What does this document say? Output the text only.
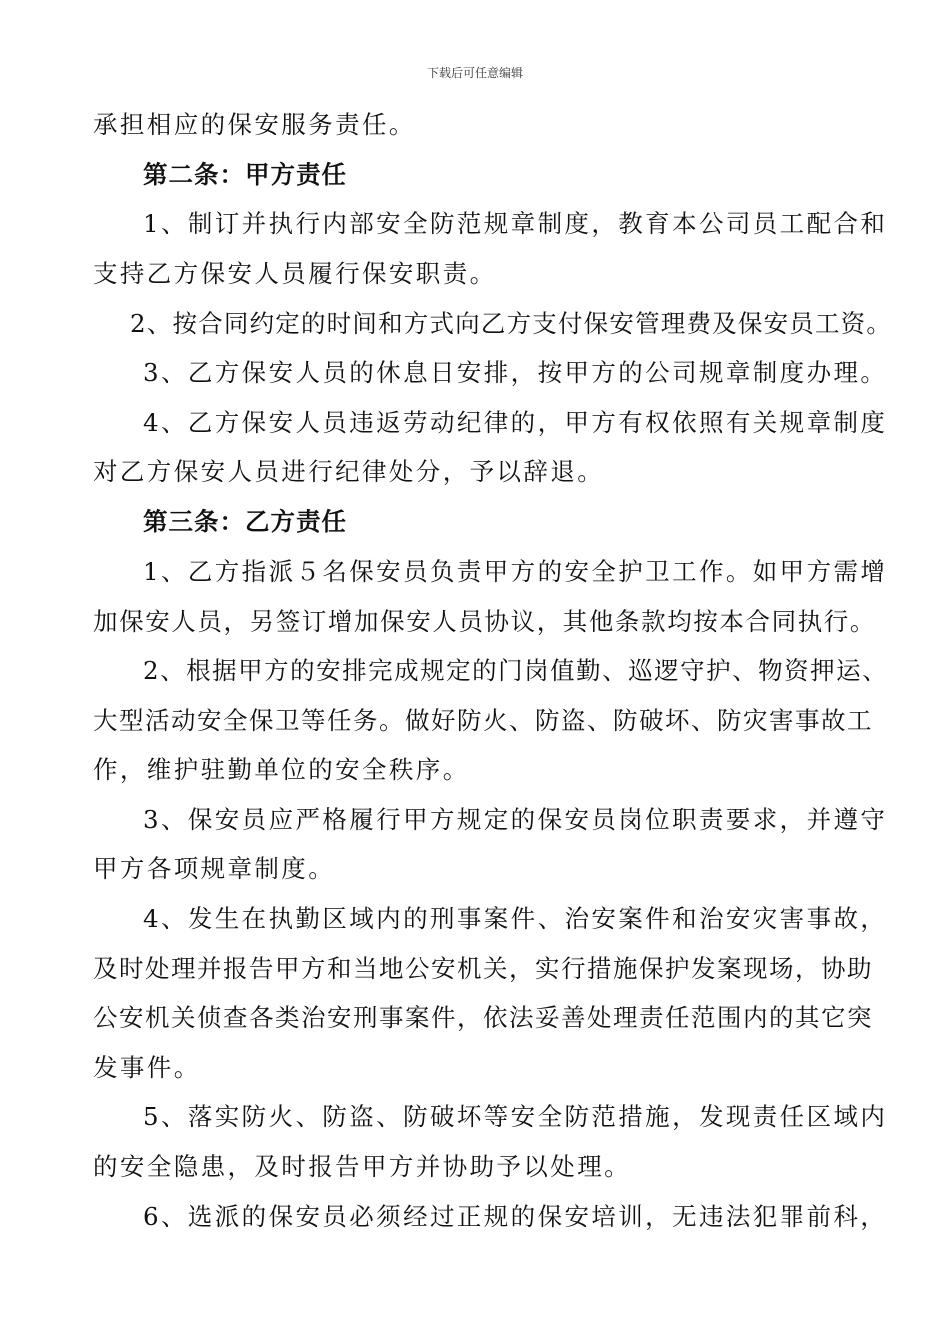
下载后可任意编辑
承担相应的保安服务责任。
第二条：甲方责任
1、制订并执行内部安全防范规章制度，教育本公司员工配合和
支持乙方保安人员履行保安职责。
2、按合同约定的时间和方式向乙方支付保安管理费及保安员工资。
3、乙方保安人员的休息日安排，按甲方的公司规章制度办理。
4、乙方保安人员违返劳动纪律的，甲方有权依照有关规章制度
对乙方保安人员进行纪律处分，予以辞退。
第三条：乙方责任
1、乙方指派５名保安员负责甲方的安全护卫工作。如甲方需增
加保安人员，另签订增加保安人员协议，其他条款均按本合同执行。
2、根据甲方的安排完成规定的门岗值勤、巡逻守护、物资押运、
大型活动安全保卫等任务。做好防火、防盗、防破坏、防灾害事故工
作，维护驻勤单位的安全秩序。
3、保安员应严格履行甲方规定的保安员岗位职责要求，并遵守
甲方各项规章制度。
4、发生在执勤区域内的刑事案件、治安案件和治安灾害事故，
及时处理并报告甲方和当地公安机关，实行措施保护发案现场，协助
公安机关侦查各类治安刑事案件，依法妥善处理责任范围内的其它突
发事件。
5、落实防火、防盗、防破坏等安全防范措施，发现责任区域内
的安全隐患，及时报告甲方并协助予以处理。
6、选派的保安员必须经过正规的保安培训，无违法犯罪前科，
